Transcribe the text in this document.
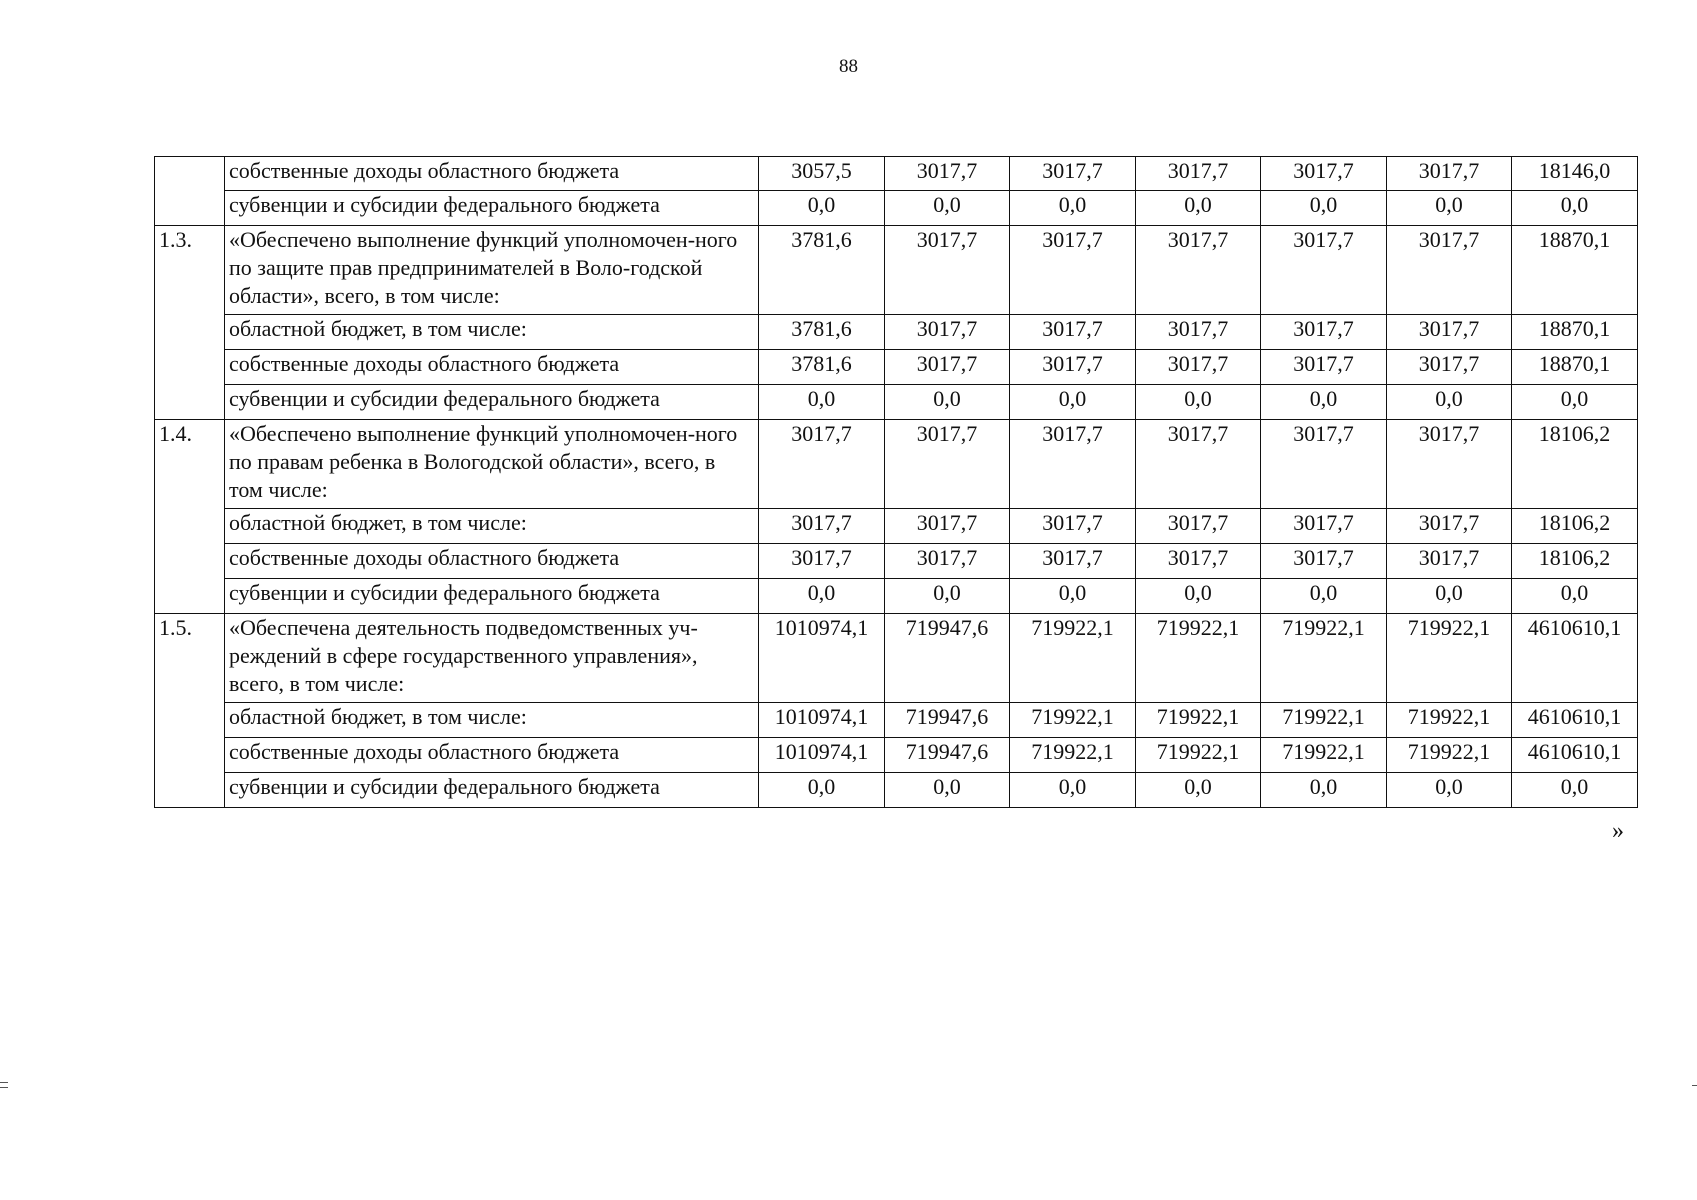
88
	собственные доходы областного бюджета	3057,5	3017,7	3017,7	3017,7	3017,7	3017,7	18146,0
	субвенции и субсидии федерального бюджета	0,0	0,0	0,0	0,0	0,0	0,0	0,0
1.3.	«Обеспечено выполнение функций уполномочен-ного по защите прав предпринимателей в Воло-годской области», всего, в том числе:	3781,6	3017,7	3017,7	3017,7	3017,7	3017,7	18870,1
	областной бюджет, в том числе:	3781,6	3017,7	3017,7	3017,7	3017,7	3017,7	18870,1
	собственные доходы областного бюджета	3781,6	3017,7	3017,7	3017,7	3017,7	3017,7	18870,1
	субвенции и субсидии федерального бюджета	0,0	0,0	0,0	0,0	0,0	0,0	0,0
1.4.	«Обеспечено выполнение функций уполномочен-ного по правам ребенка в Вологодской области», всего, в том числе:	3017,7	3017,7	3017,7	3017,7	3017,7	3017,7	18106,2
	областной бюджет, в том числе:	3017,7	3017,7	3017,7	3017,7	3017,7	3017,7	18106,2
	собственные доходы областного бюджета	3017,7	3017,7	3017,7	3017,7	3017,7	3017,7	18106,2
	субвенции и субсидии федерального бюджета	0,0	0,0	0,0	0,0	0,0	0,0	0,0
1.5.	«Обеспечена деятельность подведомственных уч-реждений в сфере государственного управления», всего, в том числе:	1010974,1	719947,6	719922,1	719922,1	719922,1	719922,1	4610610,1
	областной бюджет, в том числе:	1010974,1	719947,6	719922,1	719922,1	719922,1	719922,1	4610610,1
	собственные доходы областного бюджета	1010974,1	719947,6	719922,1	719922,1	719922,1	719922,1	4610610,1
	субвенции и субсидии федерального бюджета	0,0	0,0	0,0	0,0	0,0	0,0	0,0
»
